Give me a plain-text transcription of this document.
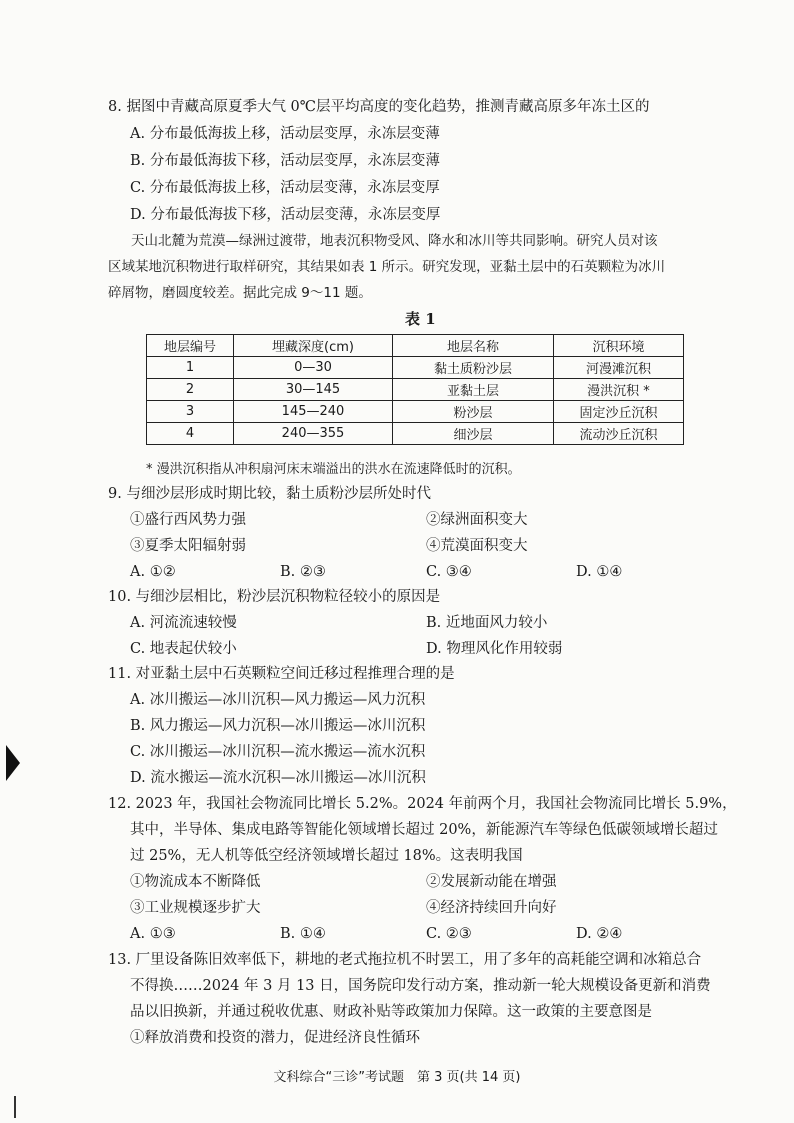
8. 据图中青藏高原夏季大气 0℃层平均高度的变化趋势，推测青藏高原多年冻土区的
A. 分布最低海拔上移，活动层变厚，永冻层变薄
B. 分布最低海拔下移，活动层变厚，永冻层变薄
C. 分布最低海拔上移，活动层变薄，永冻层变厚
D. 分布最低海拔下移，活动层变薄，永冻层变厚
天山北麓为荒漠—绿洲过渡带，地表沉积物受风、降水和冰川等共同影响。研究人员对该
区域某地沉积物进行取样研究，其结果如表 1 所示。研究发现，亚黏土层中的石英颗粒为冰川
碎屑物，磨圆度较差。据此完成 9～11 题。
表 1
地层编号	埋藏深度(cm)	地层名称	沉积环境
1	0—30	黏土质粉沙层	河漫滩沉积
2	30—145	亚黏土层	漫洪沉积 *
3	145—240	粉沙层	固定沙丘沉积
4	240—355	细沙层	流动沙丘沉积
* 漫洪沉积指从冲积扇河床末端溢出的洪水在流速降低时的沉积。
9. 与细沙层形成时期比较，黏土质粉沙层所处时代
①盛行西风势力强	②绿洲面积变大
③夏季太阳辐射弱	④荒漠面积变大
A. ①②	B. ②③	C. ③④	D. ①④
10. 与细沙层相比，粉沙层沉积物粒径较小的原因是
A. 河流流速较慢	B. 近地面风力较小
C. 地表起伏较小	D. 物理风化作用较弱
11. 对亚黏土层中石英颗粒空间迁移过程推理合理的是
A. 冰川搬运—冰川沉积—风力搬运—风力沉积
B. 风力搬运—风力沉积—冰川搬运—冰川沉积
C. 冰川搬运—冰川沉积—流水搬运—流水沉积
D. 流水搬运—流水沉积—冰川搬运—冰川沉积
12. 2023 年，我国社会物流同比增长 5.2%。2024 年前两个月，我国社会物流同比增长 5.9%，
其中，半导体、集成电路等智能化领域增长超过 20%，新能源汽车等绿色低碳领域增长超过
过 25%，无人机等低空经济领域增长超过 18%。这表明我国
①物流成本不断降低	②发展新动能在增强
③工业规模逐步扩大	④经济持续回升向好
A. ①③	B. ①④	C. ②③	D. ②④
13. 厂里设备陈旧效率低下，耕地的老式拖拉机不时罢工，用了多年的高耗能空调和冰箱总合
不得换……2024 年 3 月 13 日，国务院印发行动方案，推动新一轮大规模设备更新和消费
品以旧换新，并通过税收优惠、财政补贴等政策加力保障。这一政策的主要意图是
①释放消费和投资的潜力，促进经济良性循环
文科综合“三诊”考试题　第 3 页(共 14 页)
